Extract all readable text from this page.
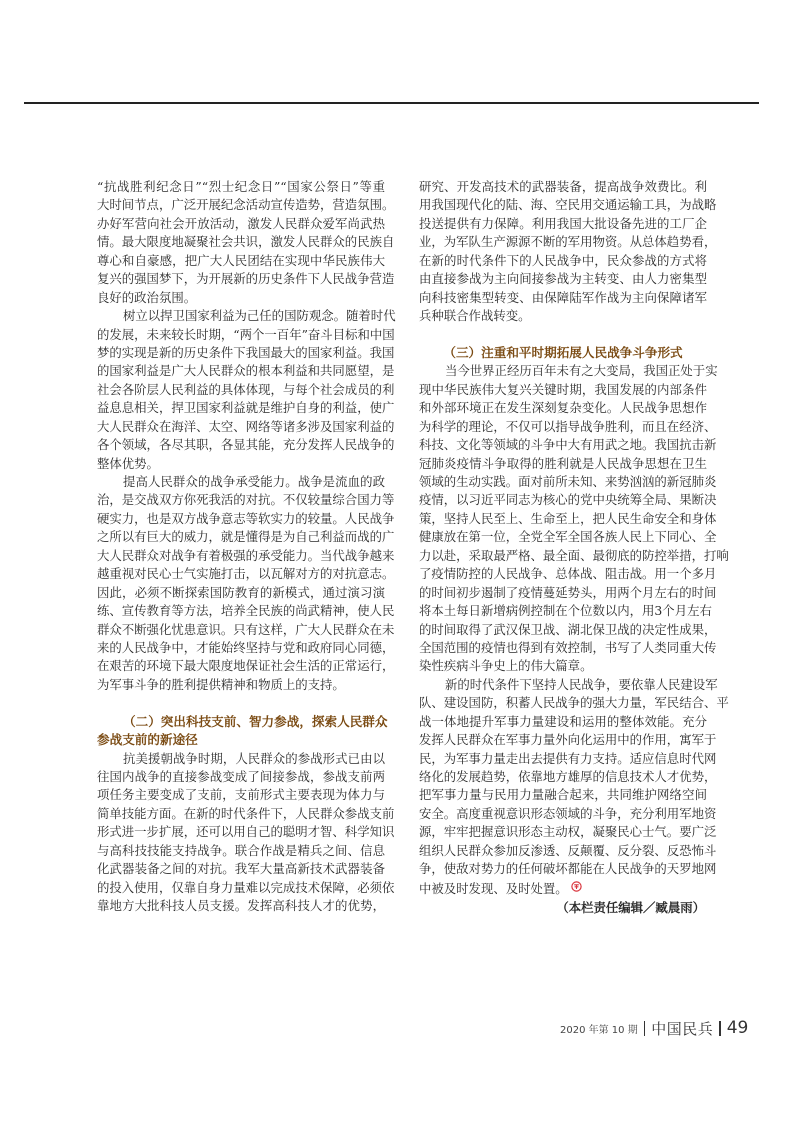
“抗战胜利纪念日”“烈士纪念日”“国家公祭日”等重
大时间节点，广泛开展纪念活动宣传造势，营造氛围。
办好军营向社会开放活动，激发人民群众爱军尚武热
情。最大限度地凝聚社会共识，激发人民群众的民族自
尊心和自豪感，把广大人民团结在实现中华民族伟大
复兴的强国梦下，为开展新的历史条件下人民战争营造
良好的政治氛围。
树立以捍卫国家利益为己任的国防观念。随着时代
的发展，未来较长时期，“两个一百年”奋斗目标和中国
梦的实现是新的历史条件下我国最大的国家利益。我国
的国家利益是广大人民群众的根本利益和共同愿望，是
社会各阶层人民利益的具体体现，与每个社会成员的利
益息息相关，捍卫国家利益就是维护自身的利益，使广
大人民群众在海洋、太空、网络等诸多涉及国家利益的
各个领域，各尽其职，各显其能，充分发挥人民战争的
整体优势。
提高人民群众的战争承受能力。战争是流血的政
治，是交战双方你死我活的对抗。不仅较量综合国力等
硬实力，也是双方战争意志等软实力的较量。人民战争
之所以有巨大的威力，就是懂得是为自己利益而战的广
大人民群众对战争有着极强的承受能力。当代战争越来
越重视对民心士气实施打击，以瓦解对方的对抗意志。
因此，必须不断探索国防教育的新模式，通过演习演
练、宣传教育等方法，培养全民族的尚武精神，使人民
群众不断强化忧患意识。只有这样，广大人民群众在未
来的人民战争中，才能始终坚持与党和政府同心同德，
在艰苦的环境下最大限度地保证社会生活的正常运行，
为军事斗争的胜利提供精神和物质上的支持。
（二）突出科技支前、智力参战，探索人民群众
参战支前的新途径
抗美援朝战争时期，人民群众的参战形式已由以
往国内战争的直接参战变成了间接参战，参战支前两
项任务主要变成了支前，支前形式主要表现为体力与
简单技能方面。在新的时代条件下，人民群众参战支前
形式进一步扩展，还可以用自己的聪明才智、科学知识
与高科技技能支持战争。联合作战是精兵之间、信息
化武器装备之间的对抗。我军大量高新技术武器装备
的投入使用，仅靠自身力量难以完成技术保障，必须依
靠地方大批科技人员支援。发挥高科技人才的优势，
研究、开发高技术的武器装备，提高战争效费比。利
用我国现代化的陆、海、空民用交通运输工具，为战略
投送提供有力保障。利用我国大批设备先进的工厂企
业，为军队生产源源不断的军用物资。从总体趋势看，
在新的时代条件下的人民战争中，民众参战的方式将
由直接参战为主向间接参战为主转变、由人力密集型
向科技密集型转变、由保障陆军作战为主向保障诸军
兵种联合作战转变。
（三）注重和平时期拓展人民战争斗争形式
当今世界正经历百年未有之大变局，我国正处于实
现中华民族伟大复兴关键时期，我国发展的内部条件
和外部环境正在发生深刻复杂变化。人民战争思想作
为科学的理论，不仅可以指导战争胜利，而且在经济、
科技、文化等领域的斗争中大有用武之地。我国抗击新
冠肺炎疫情斗争取得的胜利就是人民战争思想在卫生
领域的生动实践。面对前所未知、来势汹汹的新冠肺炎
疫情，以习近平同志为核心的党中央统筹全局、果断决
策，坚持人民至上、生命至上，把人民生命安全和身体
健康放在第一位，全党全军全国各族人民上下同心、全
力以赴，采取最严格、最全面、最彻底的防控举措，打响
了疫情防控的人民战争、总体战、阻击战。用一个多月
的时间初步遏制了疫情蔓延势头，用两个月左右的时间
将本土每日新增病例控制在个位数以内，用3个月左右
的时间取得了武汉保卫战、湖北保卫战的决定性成果，
全国范围的疫情也得到有效控制，书写了人类同重大传
染性疾病斗争史上的伟大篇章。
新的时代条件下坚持人民战争，要依靠人民建设军
队、建设国防，积蓄人民战争的强大力量，军民结合、平
战一体地提升军事力量建设和运用的整体效能。充分
发挥人民群众在军事力量外向化运用中的作用，寓军于
民，为军事力量走出去提供有力支持。适应信息时代网
络化的发展趋势，依靠地方雄厚的信息技术人才优势，
把军事力量与民用力量融合起来，共同维护网络空间
安全。高度重视意识形态领域的斗争，充分利用军地资
源，牢牢把握意识形态主动权，凝聚民心士气。要广泛
组织人民群众参加反渗透、反颠覆、反分裂、反恐怖斗
争，使敌对势力的任何破坏都能在人民战争的天罗地网
中被及时发现、及时处置。
（本栏责任编辑／臧晨雨）
2020 年第 10 期 中国民兵 49
